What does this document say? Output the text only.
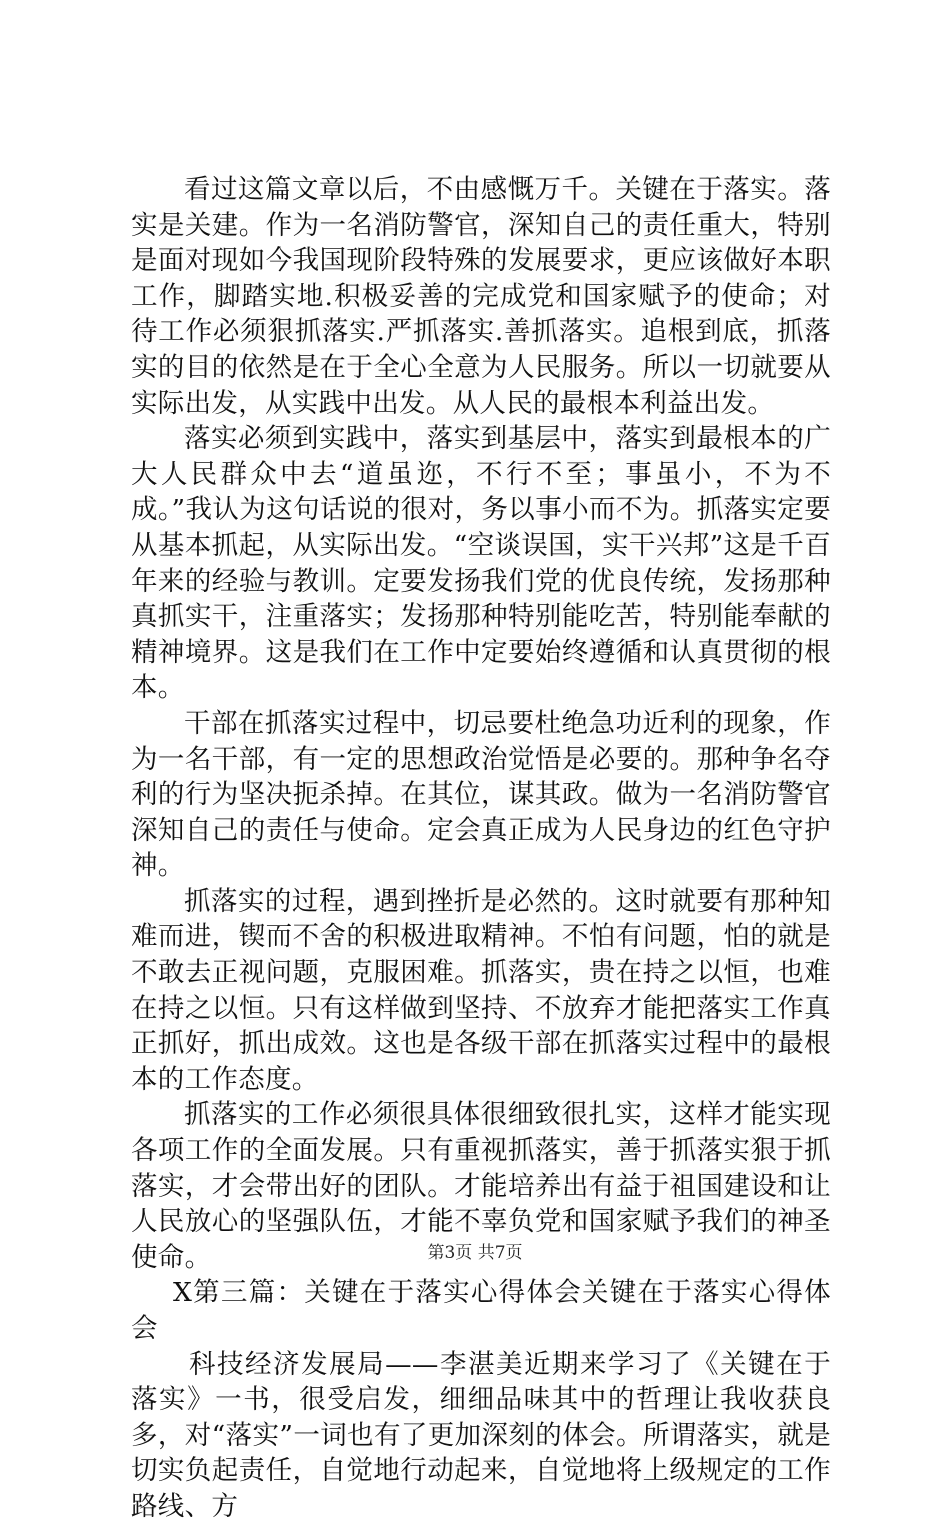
看过这篇文章以后，不由感慨万千。关键在于落实。落实是关建。作为一名消防警官，深知自己的责任重大，特别是面对现如今我国现阶段特殊的发展要求，更应该做好本职工作，脚踏实地.积极妥善的完成党和国家赋予的使命；对待工作必须狠抓落实.严抓落实.善抓落实。追根到底，抓落实的目的依然是在于全心全意为人民服务。所以一切就要从实际出发，从实践中出发。从人民的最根本利益出发。

落实必须到实践中，落实到基层中，落实到最根本的广大人民群众中去“道虽迩，不行不至；事虽小，不为不成。”我认为这句话说的很对，务以事小而不为。抓落实定要从基本抓起，从实际出发。“空谈误国，实干兴邦”这是千百年来的经验与教训。定要发扬我们党的优良传统，发扬那种真抓实干，注重落实；发扬那种特别能吃苦，特别能奉献的精神境界。这是我们在工作中定要始终遵循和认真贯彻的根本。

干部在抓落实过程中，切忌要杜绝急功近利的现象，作为一名干部，有一定的思想政治觉悟是必要的。那种争名夺利的行为坚决扼杀掉。在其位，谋其政。做为一名消防警官深知自己的责任与使命。定会真正成为人民身边的红色守护神。

抓落实的过程，遇到挫折是必然的。这时就要有那种知难而进，锲而不舍的积极进取精神。不怕有问题，怕的就是不敢去正视问题，克服困难。抓落实，贵在持之以恒，也难在持之以恒。只有这样做到坚持、不放弃才能把落实工作真正抓好，抓出成效。这也是各级干部在抓落实过程中的最根本的工作态度。

抓落实的工作必须很具体很细致很扎实，这样才能实现各项工作的全面发展。只有重视抓落实，善于抓落实狠于抓落实，才会带出好的团队。才能培养出有益于祖国建设和让人民放心的坚强队伍，才能不辜负党和国家赋予我们的神圣使命。

X第三篇：关键在于落实心得体会关键在于落实心得体会

科技经济发展局——李湛美近期来学习了《关键在于落实》一书，很受启发，细细品味其中的哲理让我收获良多，对“落实”一词也有了更加深刻的体会。所谓落实，就是切实负起责任，自觉地行动起来，自觉地将上级规定的工作路线、方

第3页 共7页
